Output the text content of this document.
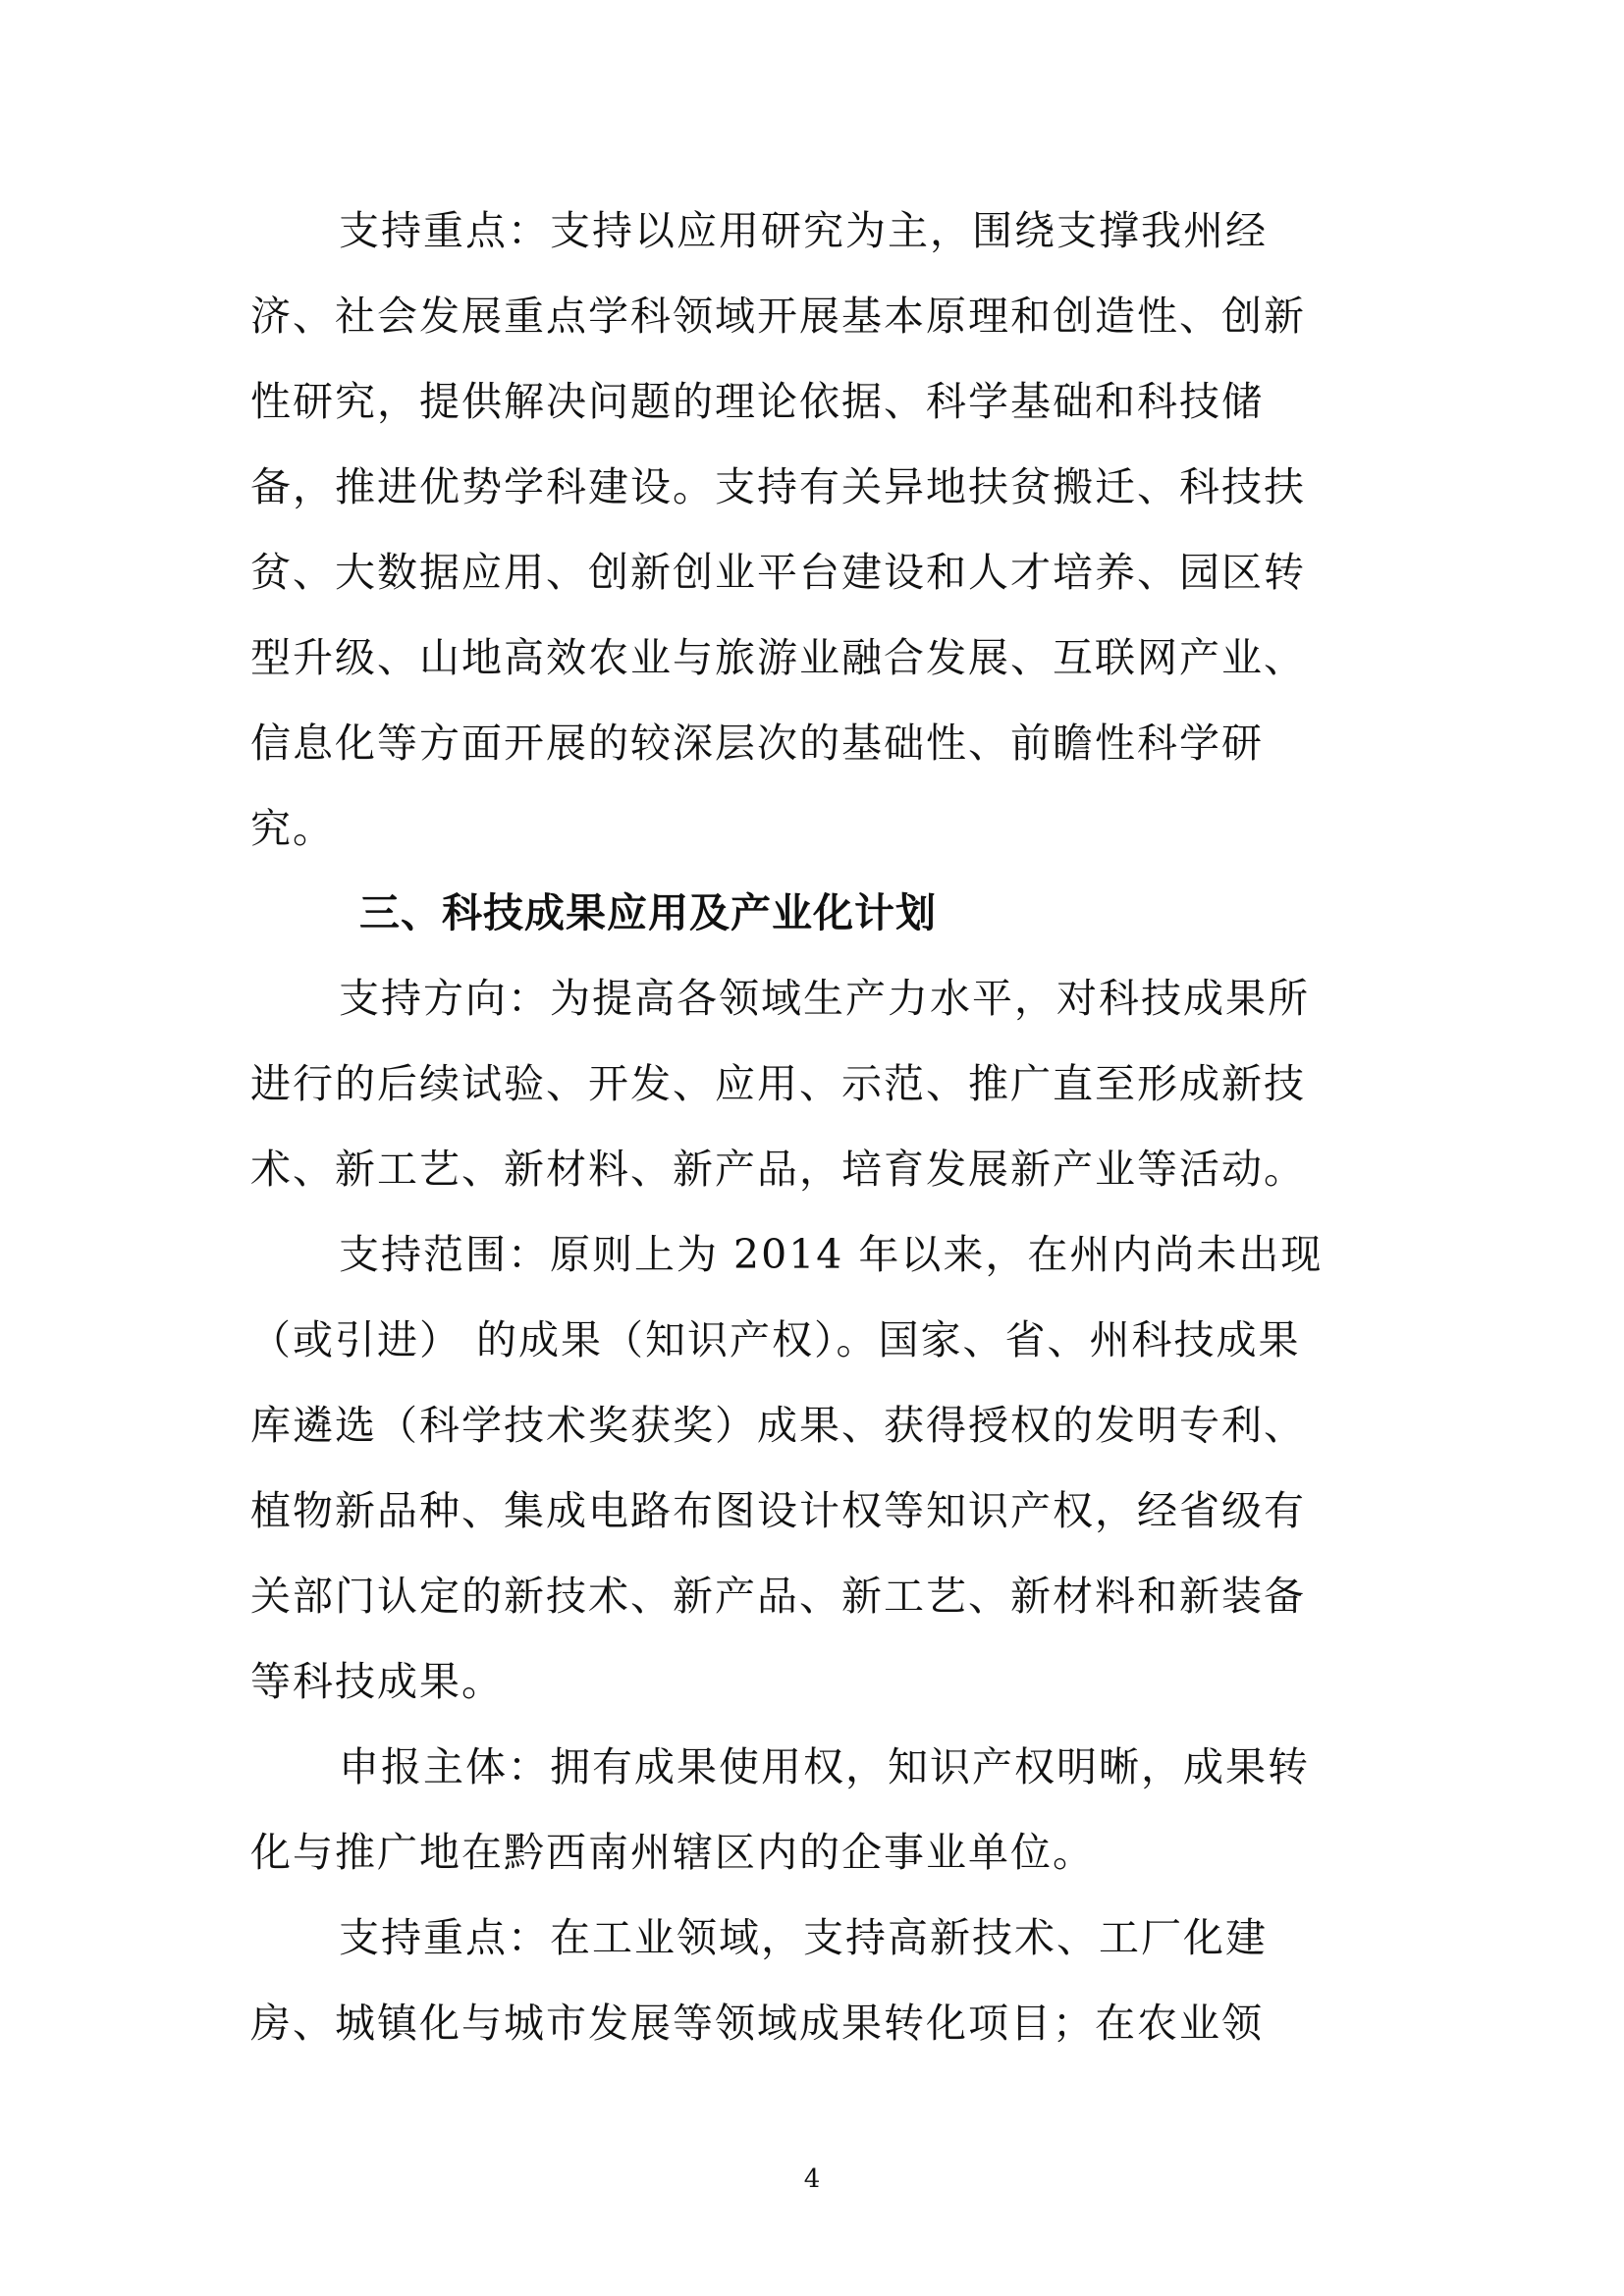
支持重点：支持以应用研究为主，围绕支撑我州经

济、社会发展重点学科领域开展基本原理和创造性、创新

性研究，提供解决问题的理论依据、科学基础和科技储

备，推进优势学科建设。支持有关异地扶贫搬迁、科技扶

贫、大数据应用、创新创业平台建设和人才培养、园区转

型升级、山地高效农业与旅游业融合发展、互联网产业、

信息化等方面开展的较深层次的基础性、前瞻性科学研

究。

三、科技成果应用及产业化计划

支持方向：为提高各领域生产力水平，对科技成果所

进行的后续试验、开发、应用、示范、推广直至形成新技

术、新工艺、新材料、新产品，培育发展新产业等活动。

支持范围：原则上为 2014 年以来，在州内尚未出现

（或引进） 的成果（知识产权）。国家、省、州科技成果

库遴选（科学技术奖获奖）成果、获得授权的发明专利、

植物新品种、集成电路布图设计权等知识产权，经省级有

关部门认定的新技术、新产品、新工艺、新材料和新装备

等科技成果。

申报主体：拥有成果使用权，知识产权明晰，成果转

化与推广地在黔西南州辖区内的企事业单位。

支持重点：在工业领域，支持高新技术、工厂化建

房、城镇化与城市发展等领域成果转化项目；在农业领

4
